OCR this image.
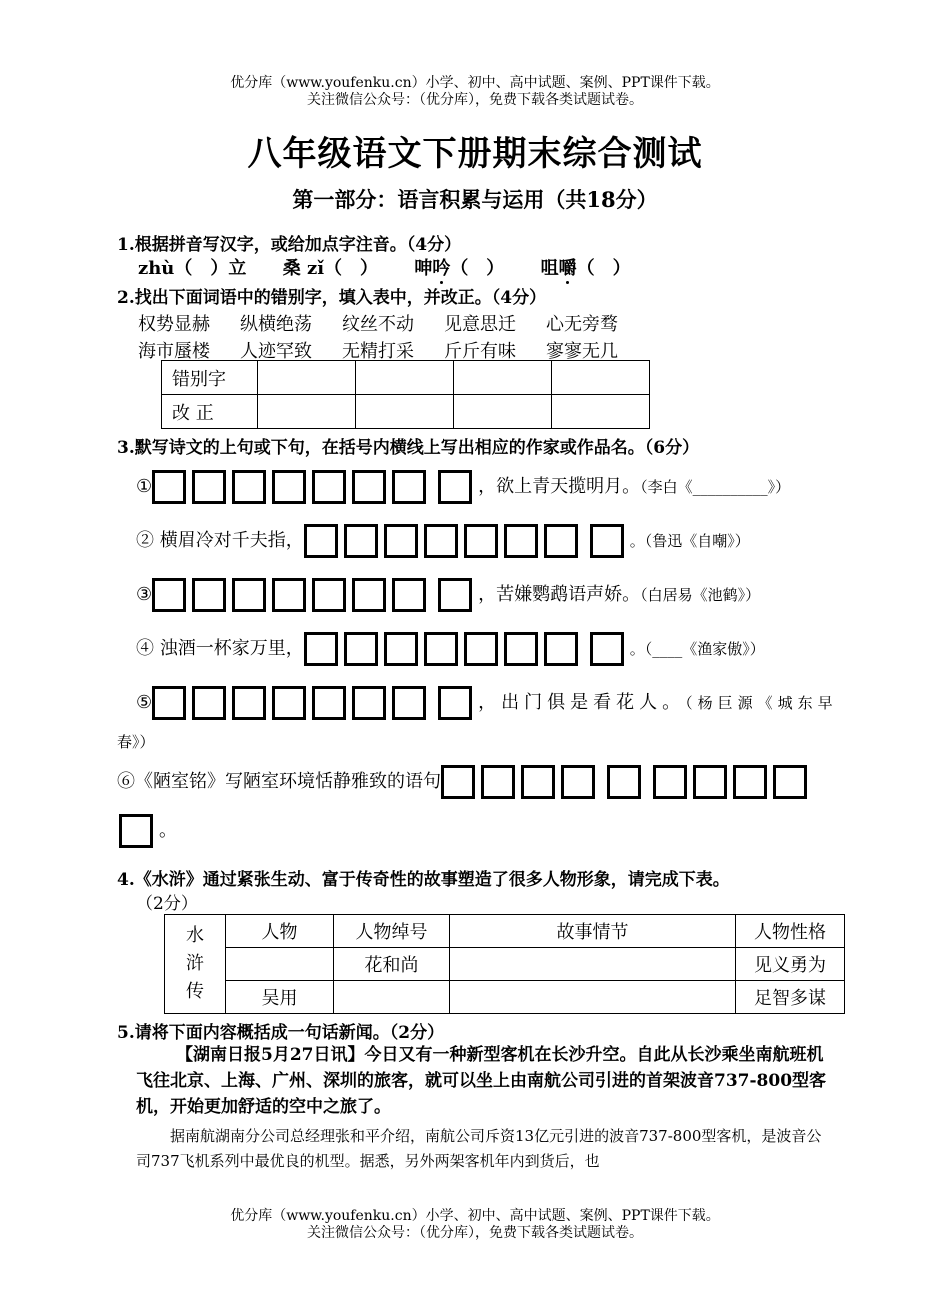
优分库（www.youfenku.cn）小学、初中、高中试题、案例、PPT课件下载。
关注微信公众号：（优分库），免费下载各类试题试卷。
八年级语文下册期末综合测试
第一部分：语言积累与运用（共18分）
1.根据拼音写汉字，或给加点字注音。（4分）
zhù（　）立 桑 zǐ（　） 呻吟（　） 咀嚼（　）
2.找出下面词语中的错别字，填入表中，并改正。（4分）
权势显赫 纵横绝荡 纹丝不动 见意思迁 心无旁骛
海市蜃楼 人迹罕致 无精打采 斤斤有味 寥寥无几
错别字				
改 正				
3.默写诗文的上句或下句，在括号内横线上写出相应的作家或作品名。（6分）
①	，欲上青天揽明月。（李白《__________》）
② 横眉冷对千夫指，	。（鲁迅《自嘲》）
③	，苦嫌鹦鹉语声娇。（白居易《池鹤》）
④ 浊酒一杯家万里，	。（____《渔家傲》）
⑤	，出门俱是看花人。（杨巨源《城东早
春》）
⑥《陋室铭》写陋室环境恬静雅致的语句
。
4.《水浒》通过紧张生动、富于传奇性的故事塑造了很多人物形象，请完成下表。
（2分）
水
浒
传	人物	人物绰号	故事情节	人物性格
		花和尚		见义勇为
	吴用			足智多谋
5.请将下面内容概括成一句话新闻。（2分）
【湖南日报5月27日讯】今日又有一种新型客机在长沙升空。自此从长沙乘坐南航班机飞往北京、上海、广州、深圳的旅客，就可以坐上由南航公司引进的首架波音737-800型客机，开始更加舒适的空中之旅了。
据南航湖南分公司总经理张和平介绍，南航公司斥资13亿元引进的波音737-800型客机，是波音公司737飞机系列中最优良的机型。据悉，另外两架客机年内到货后，也
优分库（www.youfenku.cn）小学、初中、高中试题、案例、PPT课件下载。
关注微信公众号：（优分库），免费下载各类试题试卷。
